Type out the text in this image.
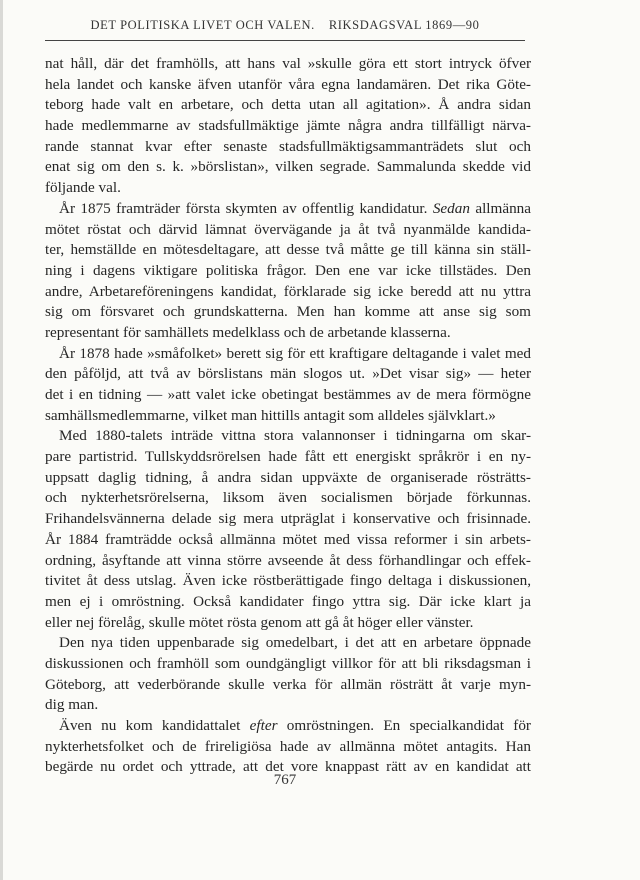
DET POLITISKA LIVET OCH VALEN. RIKSDAGSVAL 1869—90
nat håll, där det framhölls, att hans val »skulle göra ett stort intryck öfver
hela landet och kanske äfven utanför våra egna landamären. Det rika Göte-
teborg hade valt en arbetare, och detta utan all agitation». Å andra sidan
hade medlemmarne av stadsfullmäktige jämte några andra tillfälligt närva-
rande stannat kvar efter senaste stadsfullmäktigsammanträdets slut och
enat sig om den s. k. »börslistan», vilken segrade. Sammalunda skedde vid
följande val.
År 1875 framträder första skymten av offentlig kandidatur. Sedan allmänna
mötet röstat och därvid lämnat övervägande ja åt två nyanmälde kandida-
ter, hemställde en mötesdeltagare, att desse två måtte ge till känna sin ställ-
ning i dagens viktigare politiska frågor. Den ene var icke tillstädes. Den
andre, Arbetareföreningens kandidat, förklarade sig icke beredd att nu yttra
sig om försvaret och grundskatterna. Men han komme att anse sig som
representant för samhällets medelklass och de arbetande klasserna.
År 1878 hade »småfolket» berett sig för ett kraftigare deltagande i valet med
den påföljd, att två av börslistans män slogos ut. »Det visar sig» — heter
det i en tidning — »att valet icke obetingat bestämmes av de mera förmögne
samhällsmedlemmarne, vilket man hittills antagit som alldeles självklart.»
Med 1880-talets inträde vittna stora valannonser i tidningarna om skar-
pare partistrid. Tullskyddsrörelsen hade fått ett energiskt språkrör i en ny-
uppsatt daglig tidning, å andra sidan uppväxte de organiserade rösträtts-
och nykterhetsrörelserna, liksom även socialismen började förkunnas.
Frihandelsvännerna delade sig mera utpräglat i konservative och frisinnade.
År 1884 framträdde också allmänna mötet med vissa reformer i sin arbets-
ordning, åsyftande att vinna större avseende åt dess förhandlingar och effek-
tivitet åt dess utslag. Även icke röstberättigade fingo deltaga i diskussionen,
men ej i omröstning. Också kandidater fingo yttra sig. Där icke klart ja
eller nej förelåg, skulle mötet rösta genom att gå åt höger eller vänster.
Den nya tiden uppenbarade sig omedelbart, i det att en arbetare öppnade
diskussionen och framhöll som oundgängligt villkor för att bli riksdagsman i
Göteborg, att vederbörande skulle verka för allmän rösträtt åt varje myn-
dig man.
Även nu kom kandidattalet efter omröstningen. En specialkandidat för
nykterhetsfolket och de frireligiösa hade av allmänna mötet antagits. Han
begärde nu ordet och yttrade, att det vore knappast rätt av en kandidat att
767
